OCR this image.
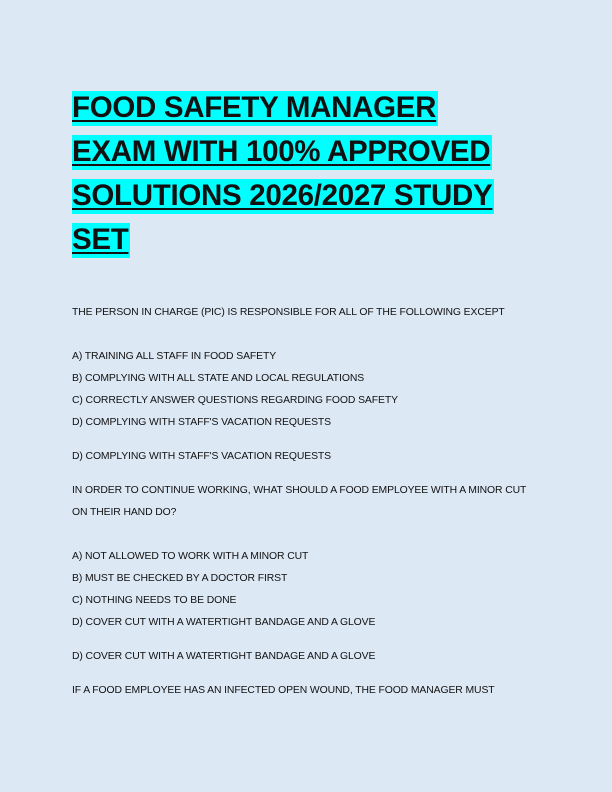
FOOD SAFETY MANAGER
EXAM WITH 100% APPROVED
SOLUTIONS 2026/2027 STUDY
SET

THE PERSON IN CHARGE (PIC) IS RESPONSIBLE FOR ALL OF THE FOLLOWING EXCEPT

A) TRAINING ALL STAFF IN FOOD SAFETY

B) COMPLYING WITH ALL STATE AND LOCAL REGULATIONS

C) CORRECTLY ANSWER QUESTIONS REGARDING FOOD SAFETY

D) COMPLYING WITH STAFF'S VACATION REQUESTS

D) COMPLYING WITH STAFF'S VACATION REQUESTS

IN ORDER TO CONTINUE WORKING, WHAT SHOULD A FOOD EMPLOYEE WITH A MINOR CUT

ON THEIR HAND DO?

A) NOT ALLOWED TO WORK WITH A MINOR CUT

B) MUST BE CHECKED BY A DOCTOR FIRST

C) NOTHING NEEDS TO BE DONE

D) COVER CUT WITH A WATERTIGHT BANDAGE AND A GLOVE

D) COVER CUT WITH A WATERTIGHT BANDAGE AND A GLOVE

IF A FOOD EMPLOYEE HAS AN INFECTED OPEN WOUND, THE FOOD MANAGER MUST
